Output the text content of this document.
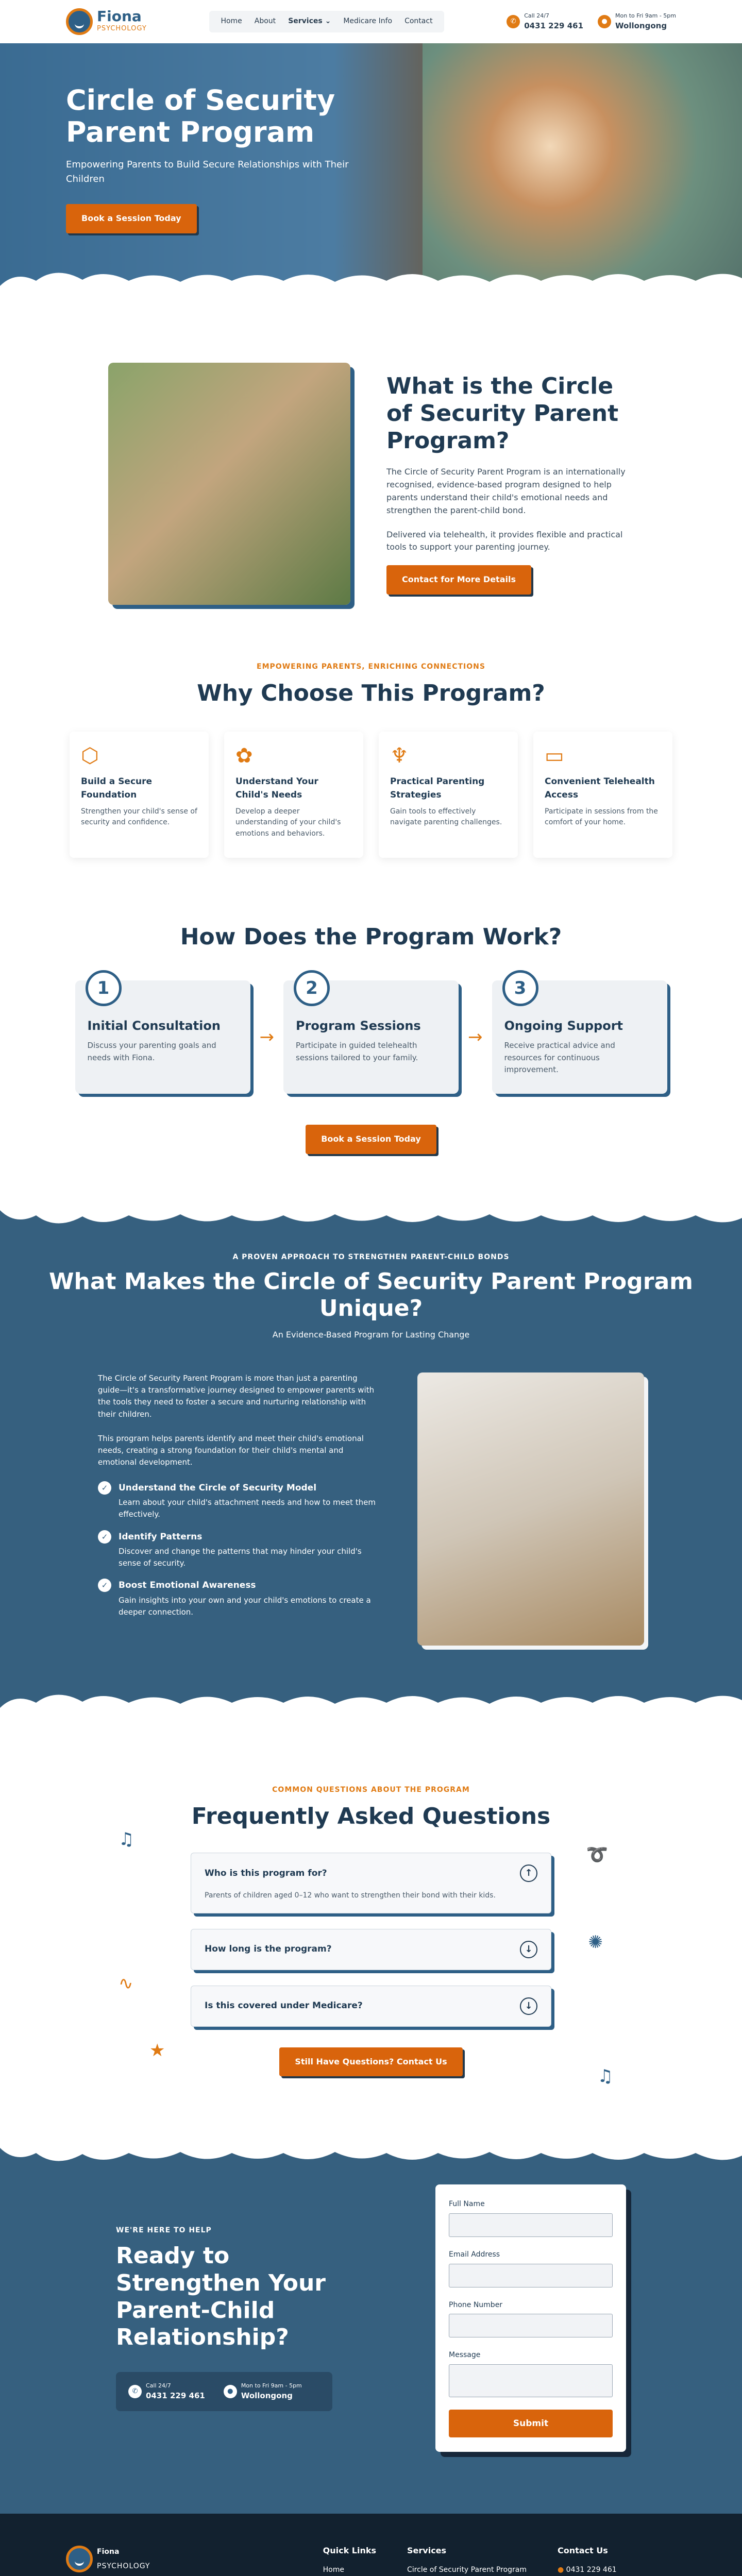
Fiona
PSYCHOLOGY
Home	About	Services ⌄	Medicare Info	Contact	✆
Call 24/7
0431 229 461	●
Mon to Fri 9am - 5pm
Wollongong
Circle of Security Parent Program

Empowering Parents to Build Secure Relationships with Their Children

Book a Session Today
What is the Circle of Security Parent Program?

The Circle of Security Parent Program is an internationally recognised, evidence-based program designed to help parents understand their child's emotional needs and strengthen the parent-child bond.

Delivered via telehealth, it provides flexible and practical tools to support your parenting journey.

Contact for More Details
EMPOWERING PARENTS, ENRICHING CONNECTIONS
Why Choose This Program?
⬡
Build a Secure Foundation

Strengthen your child's sense of security and confidence.

✿
Understand Your Child's Needs

Develop a deeper understanding of your child's emotions and behaviors.

♆
Practical Parenting Strategies

Gain tools to effectively navigate parenting challenges.

▭
Convenient Telehealth Access

Participate in sessions from the comfort of your home.

How Does the Program Work?
1
Initial Consultation

Discuss your parenting goals and needs with Fiona.

→
2
Program Sessions

Participate in guided telehealth sessions tailored to your family.

→
3
Ongoing Support

Receive practical advice and resources for continuous improvement.

Book a Session Today
A PROVEN APPROACH TO STRENGTHEN PARENT-CHILD BONDS
What Makes the Circle of Security Parent Program Unique?
An Evidence-Based Program for Lasting Change

The Circle of Security Parent Program is more than just a parenting guide—it's a transformative journey designed to empower parents with the tools they need to foster a secure and nurturing relationship with their children.

This program helps parents identify and meet their child's emotional needs, creating a strong foundation for their child's mental and emotional development.

✓	Understand the Circle of Security Model
Learn about your child's attachment needs and how to meet them effectively.
✓	Identify Patterns
Discover and change the patterns that may hinder your child's sense of security.
✓	Boost Emotional Awareness
Gain insights into your own and your child's emotions to create a deeper connection.
♫
➰
✺
∿
★
♫
COMMON QUESTIONS ABOUT THE PROGRAM
Frequently Asked Questions
Who is this program for?	↑
Parents of children aged 0–12 who want to strengthen their bond with their kids.
How long is the program?	↓
Is this covered under Medicare?	↓
Still Have Questions? Contact Us
WE'RE HERE TO HELP
Ready to Strengthen Your Parent-Child Relationship?
✆
Call 24/7
0431 229 461	●
Mon to Fri 9am - 5pm
Wollongong
Full Name
Email Address
Phone Number
Message
Submit
Fiona
PSYCHOLOGY
Quick Links
Home
Services
Circle of Security Parent Program
Contact Us
● 0431 229 461
